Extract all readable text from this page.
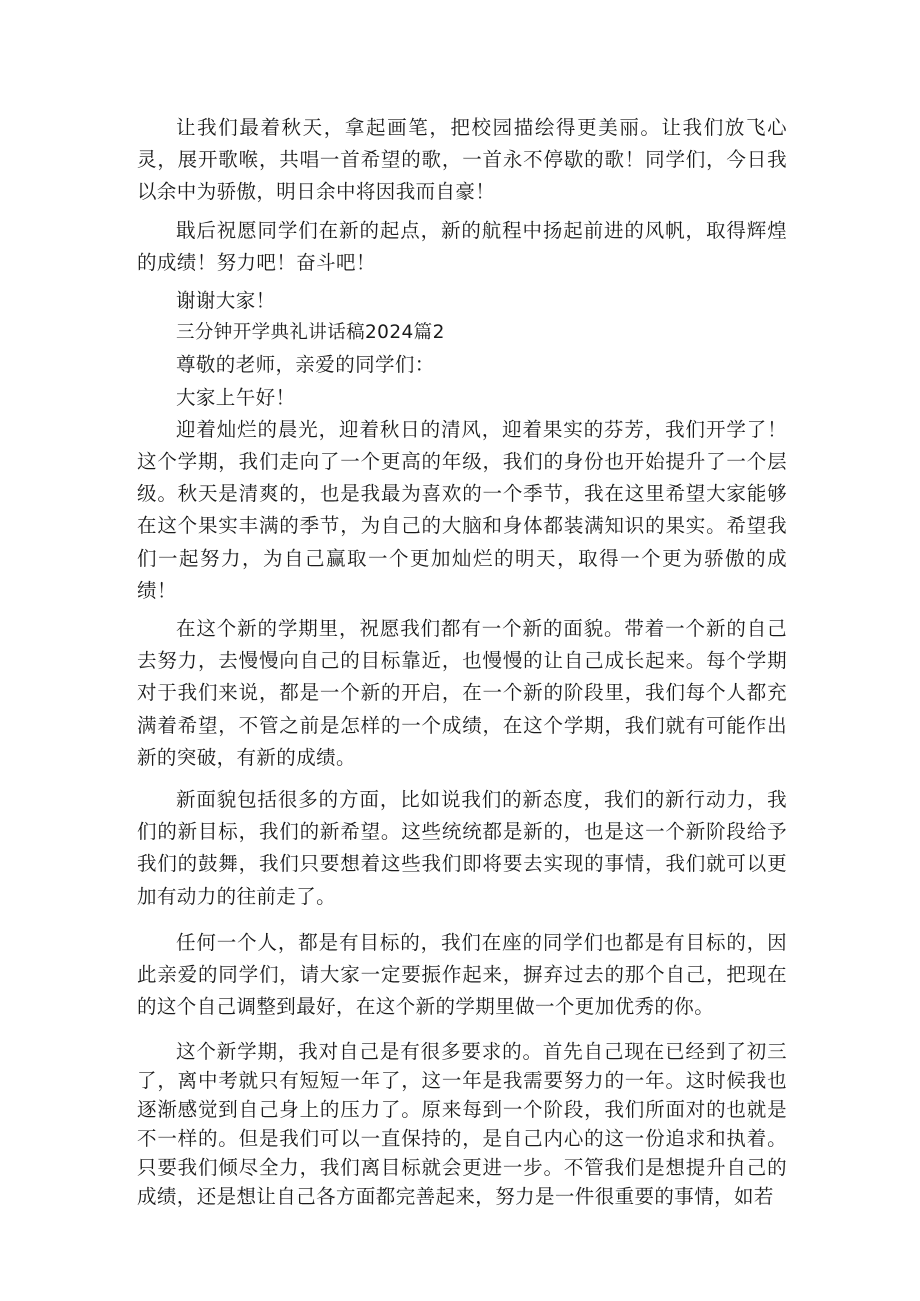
让我们最着秋天，拿起画笔，把校园描绘得更美丽。让我们放飞心灵，展开歌喉，共唱一首希望的歌，一首永不停歇的歌！同学们，今日我以余中为骄傲，明日余中将因我而自豪！

戢后祝愿同学们在新的起点，新的航程中扬起前进的风帆，取得辉煌的成绩！努力吧！奋斗吧！

谢谢大家！

三分钟开学典礼讲话稿2024篇2

尊敬的老师，亲爱的同学们：

大家上午好！

迎着灿烂的晨光，迎着秋日的清风，迎着果实的芬芳，我们开学了！这个学期，我们走向了一个更高的年级，我们的身份也开始提升了一个层级。秋天是清爽的，也是我最为喜欢的一个季节，我在这里希望大家能够在这个果实丰满的季节，为自己的大脑和身体都装满知识的果实。希望我们一起努力，为自己赢取一个更加灿烂的明天，取得一个更为骄傲的成绩！

在这个新的学期里，祝愿我们都有一个新的面貌。带着一个新的自己去努力，去慢慢向自己的目标靠近，也慢慢的让自己成长起来。每个学期对于我们来说，都是一个新的开启，在一个新的阶段里，我们每个人都充满着希望，不管之前是怎样的一个成绩，在这个学期，我们就有可能作出新的突破，有新的成绩。

新面貌包括很多的方面，比如说我们的新态度，我们的新行动力，我们的新目标，我们的新希望。这些统统都是新的，也是这一个新阶段给予我们的鼓舞，我们只要想着这些我们即将要去实现的事情，我们就可以更加有动力的往前走了。

任何一个人，都是有目标的，我们在座的同学们也都是有目标的，因此亲爱的同学们，请大家一定要振作起来，摒弃过去的那个自己，把现在的这个自己调整到最好，在这个新的学期里做一个更加优秀的你。

这个新学期，我对自己是有很多要求的。首先自己现在已经到了初三了，离中考就只有短短一年了，这一年是我需要努力的一年。这时候我也逐渐感觉到自己身上的压力了。原来每到一个阶段，我们所面对的也就是不一样的。但是我们可以一直保持的，是自己内心的这一份追求和执着。只要我们倾尽全力，我们离目标就会更进一步。不管我们是想提升自己的成绩，还是想让自己各方面都完善起来，努力是一件很重要的事情，如若
